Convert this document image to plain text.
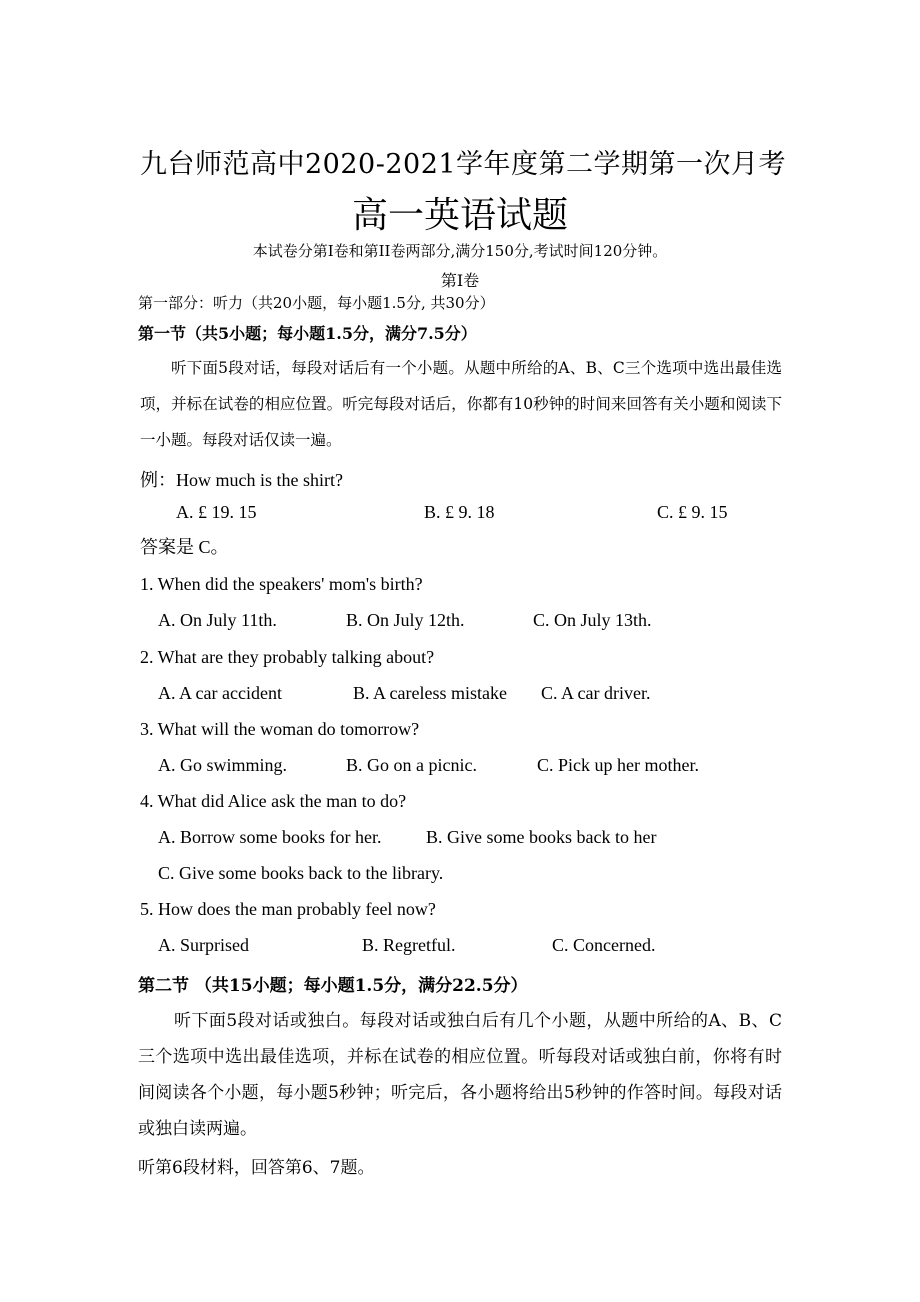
九台师范高中2020-2021学年度第二学期第一次月考
高一英语试题
本试卷分第I卷和第II卷两部分,满分150分,考试时间120分钟。
第I卷
第一部分：听力（共20小题，每小题1.5分, 共30分）
第一节（共5小题；每小题1.5分，满分7.5分）
听下面5段对话，每段对话后有一个小题。从题中所给的A、B、C三个选项中选出最佳选项，并标在试卷的相应位置。听完每段对话后，你都有10秒钟的时间来回答有关小题和阅读下一小题。每段对话仅读一遍。
例：How much is the shirt?
A. £ 19. 15	B. £ 9. 18	C. £ 9. 15
答案是 C。
1. When did the speakers' mom's birth?
A. On July 11th.	B. On July 12th.	C. On July 13th.
2. What are they probably talking about?
A. A car accident	B. A careless mistake C. A car driver.
3. What will the woman do tomorrow?
A. Go swimming.	B. Go on a picnic.	C. Pick up her mother.
4. What did Alice ask the man to do?
A. Borrow some books for her. B. Give some books back to her
C. Give some books back to the library.
5. How does the man probably feel now?
A. Surprised	B. Regretful.	C. Concerned.
第二节 （共15小题；每小题1.5分，满分22.5分）
听下面5段对话或独白。每段对话或独白后有几个小题，从题中所给的A、B、C三个选项中选出最佳选项，并标在试卷的相应位置。听每段对话或独白前，你将有时间阅读各个小题，每小题5秒钟；听完后，各小题将给出5秒钟的作答时间。每段对话或独白读两遍。
听第6段材料，回答第6、7题。
